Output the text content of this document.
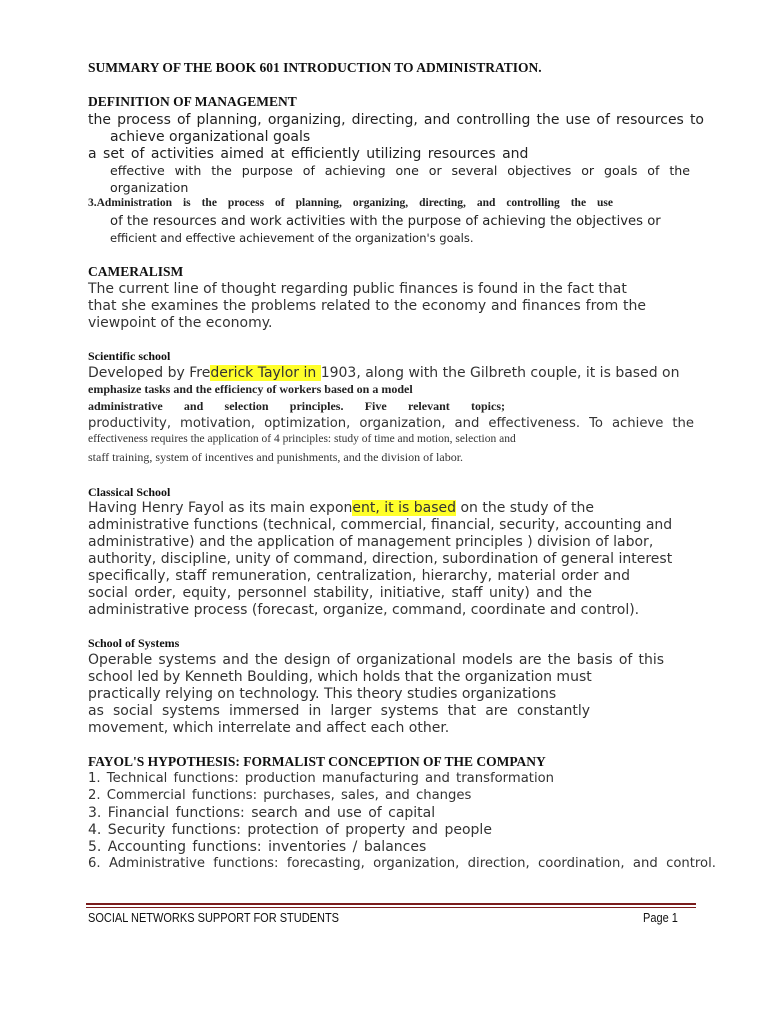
SUMMARY OF THE BOOK 601 INTRODUCTION TO ADMINISTRATION.
DEFINITION OF MANAGEMENT
the process of planning, organizing, directing, and controlling the use of resources to
achieve organizational goals
a set of activities aimed at efficiently utilizing resources and
effective with the purpose of achieving one or several objectives or goals of the
organization
3.Administration is the process of planning, organizing, directing, and controlling the use
of the resources and work activities with the purpose of achieving the objectives or
efficient and effective achievement of the organization's goals.
CAMERALISM
The current line of thought regarding public finances is found in the fact that
that she examines the problems related to the economy and finances from the
viewpoint of the economy.
Scientific school
Developed by Frederick Taylor in 1903, along with the Gilbreth couple, it is based on
emphasize tasks and the efficiency of workers based on a model
administrative and selection principles. Five relevant topics;
productivity, motivation, optimization, organization, and effectiveness. To achieve the
effectiveness requires the application of 4 principles: study of time and motion, selection and
staff training, system of incentives and punishments, and the division of labor.
Classical School
Having Henry Fayol as its main exponent, it is based on the study of the
administrative functions (technical, commercial, financial, security, accounting and
administrative) and the application of management principles ) division of labor,
authority, discipline, unity of command, direction, subordination of general interest
specifically, staff remuneration, centralization, hierarchy, material order and
social order, equity, personnel stability, initiative, staff unity) and the
administrative process (forecast, organize, command, coordinate and control).
School of Systems
Operable systems and the design of organizational models are the basis of this
school led by Kenneth Boulding, which holds that the organization must
practically relying on technology. This theory studies organizations
as social systems immersed in larger systems that are constantly
movement, which interrelate and affect each other.
FAYOL'S HYPOTHESIS: FORMALIST CONCEPTION OF THE COMPANY
1. Technical functions: production manufacturing and transformation
2. Commercial functions: purchases, sales, and changes
3. Financial functions: search and use of capital
4. Security functions: protection of property and people
5. Accounting functions: inventories / balances
6. Administrative functions: forecasting, organization, direction, coordination, and control.
SOCIAL NETWORKS SUPPORT FOR STUDENTS	Page 1
